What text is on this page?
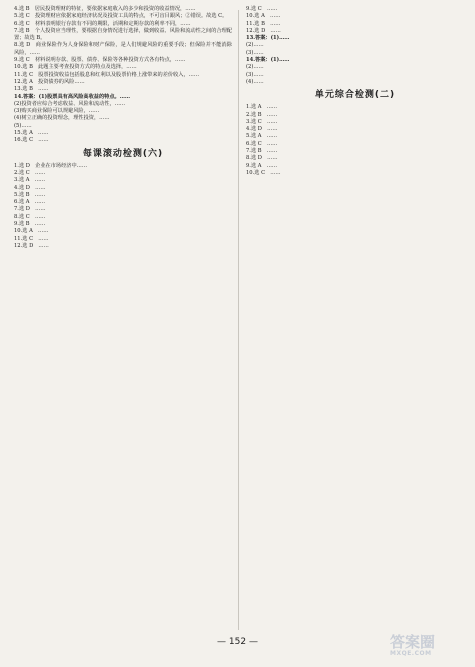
4.选 B　居民投资理财的特征，要依据家庭收入的多少和投资的收益情况，……

5.选 C　投资理财应依据家庭经济状况及投资工具的特点，不可盲目跟风；②错误。故选 C。

6.选 C　材料表明银行存款有不同的期限，活期和定期存款的利率不同，……

7.选 B　个人投资应当理性，要根据自身情况进行选择，做到收益、风险和流动性之间的合理配置；故选 B。

8.选 D　商业保险作为人身保险和财产保险，是人们规避风险的重要手段；但保险并不能消除风险，……

9.选 C　材料说明存款、股票、债券、保险等各种投资方式各有特点，……

10.选 B　此题主要考查投资方式的特点及选择，……

11.选 C　股票投资收益包括股息和红利以及股票价格上涨带来的差价收入，……

12.选 A　投资债券的风险……

13.选 B　……

14.答案：(1)股票具有高风险高收益的特点。……

(2)投资者应综合考虑收益、风险和流动性，……

(3)购买商业保险可以规避风险，……

(4)树立正确的投资理念，理性投资，……

(5)……

15.选 A　……

16.选 C　……

每课滚动检测(六)

1.选 D　企业在市场经济中……

2.选 C　……

3.选 A　……

4.选 D　……

5.选 B　……

6.选 A　……

7.选 D　……

8.选 C　……

9.选 B　……

10.选 A　……

11.选 C　……

12.选 D　……

9.选 C　……

10.选 A　……

11.选 B　……

12.选 D　……

13.答案：(1)……

(2)……

(3)……

14.答案：(1)……

(2)……

(3)……

(4)……

单元综合检测(二)

1.选 A　……

2.选 B　……

3.选 C　……

4.选 D　……

5.选 A　……

6.选 C　……

7.选 B　……

8.选 D　……

9.选 A　……

10.选 C　……

— 152 —	答案圈
MXQE.COM
